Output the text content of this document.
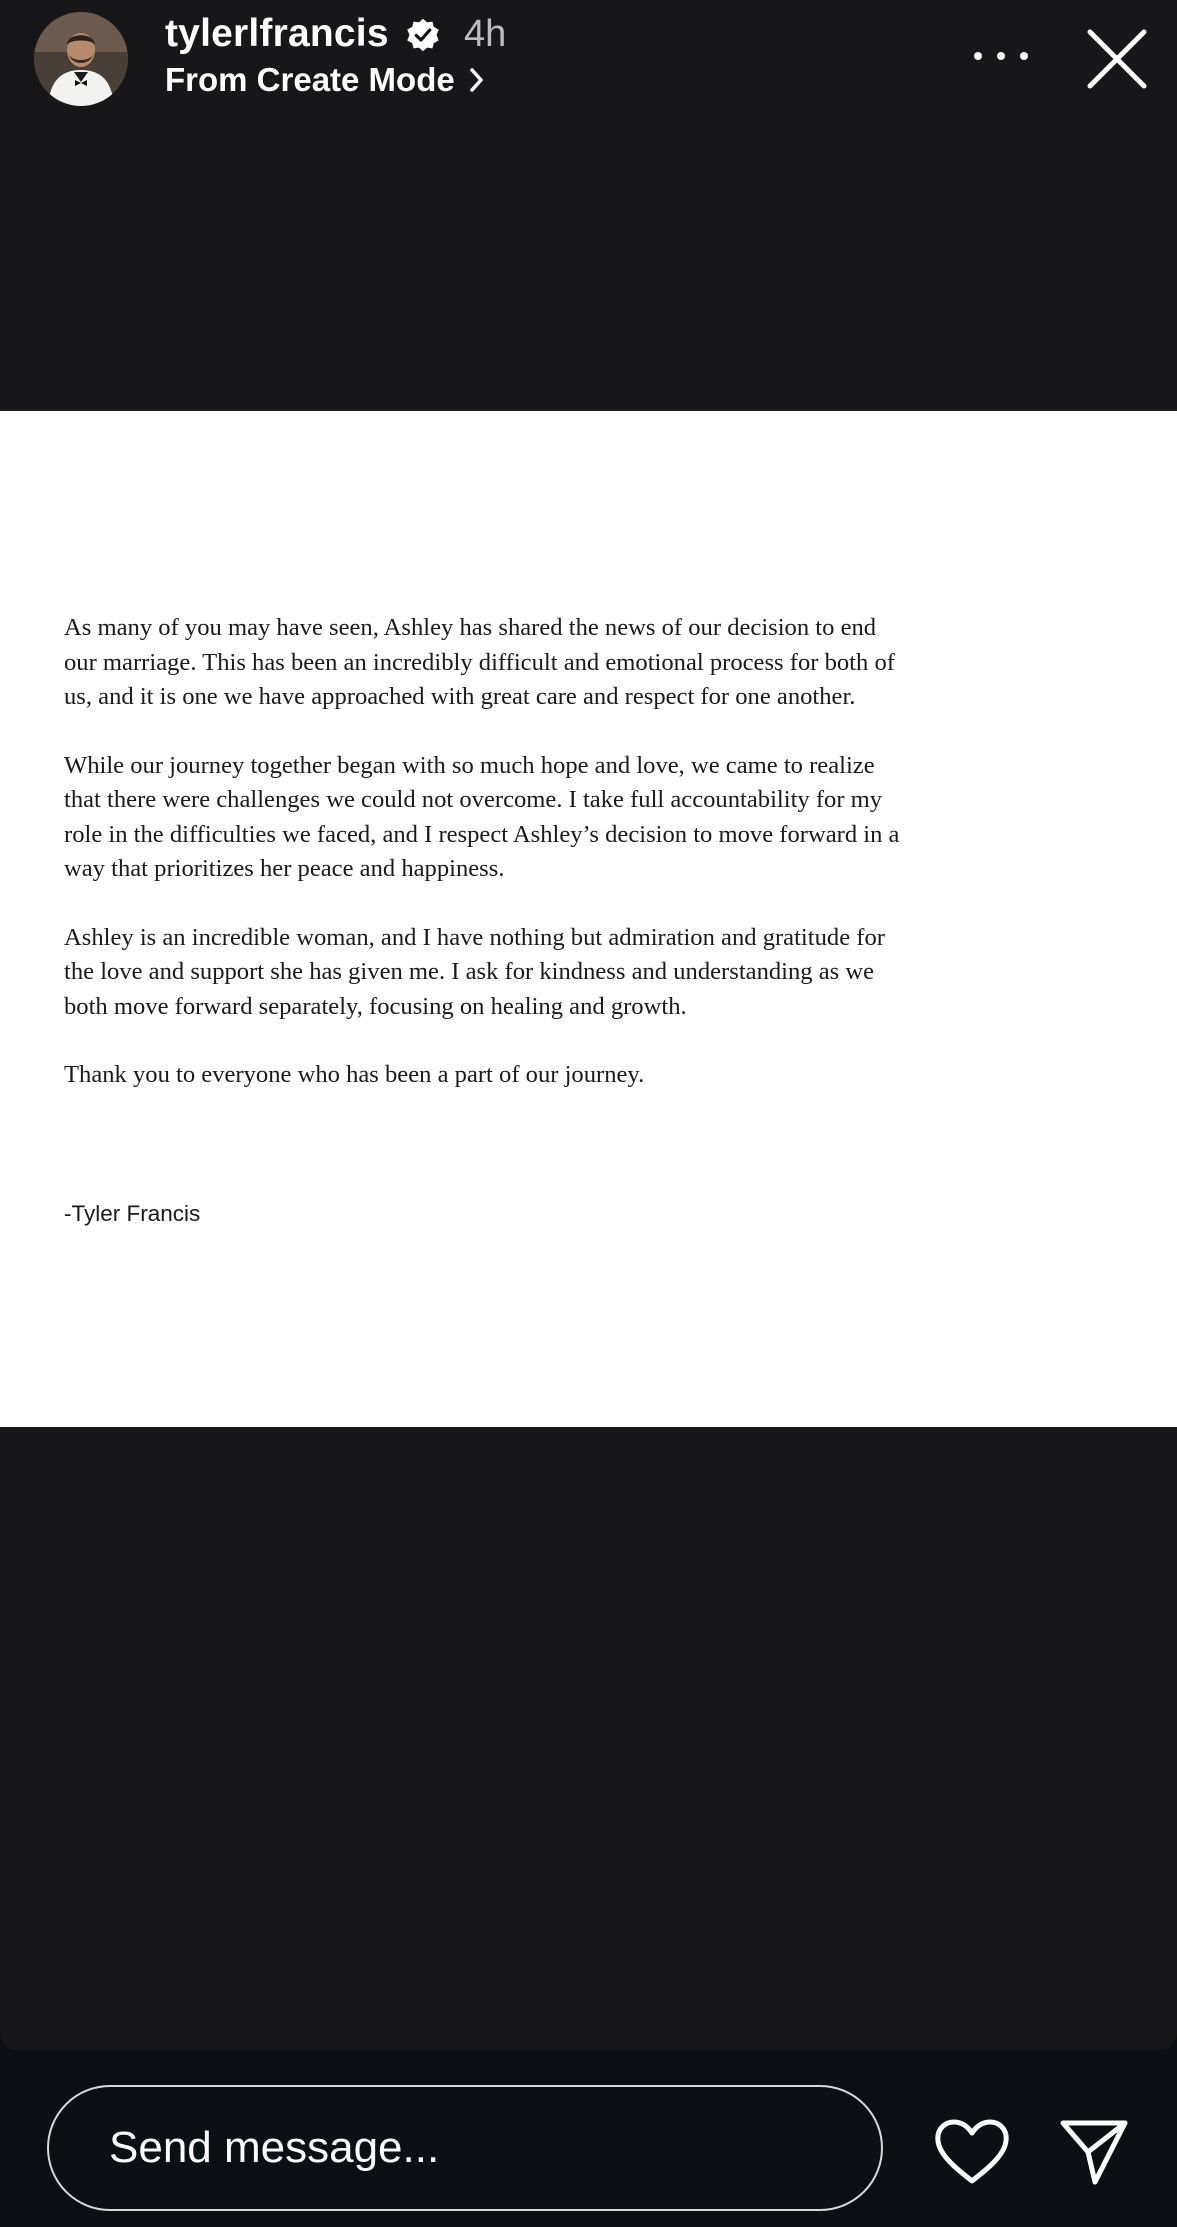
tylerlfrancis 4h
From Create Mode

As many of you may have seen, Ashley has shared the news of our decision to end
our marriage. This has been an incredibly difficult and emotional process for both of
us, and it is one we have approached with great care and respect for one another.

While our journey together began with so much hope and love, we came to realize
that there were challenges we could not overcome. I take full accountability for my
role in the difficulties we faced, and I respect Ashley’s decision to move forward in a
way that prioritizes her peace and happiness.

Ashley is an incredible woman, and I have nothing but admiration and gratitude for
the love and support she has given me. I ask for kindness and understanding as we
both move forward separately, focusing on healing and growth.

Thank you to everyone who has been a part of our journey.

-Tyler Francis
Send message...
